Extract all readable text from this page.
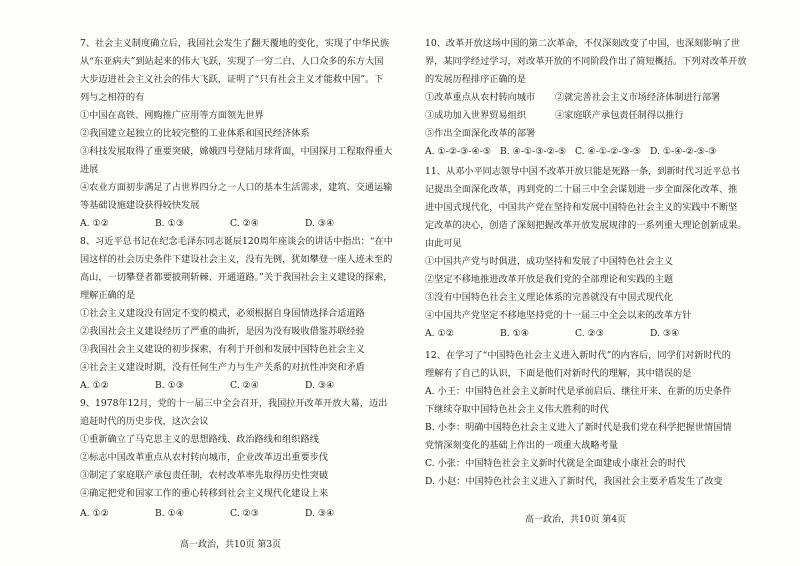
7、社会主义制度确立后，我国社会发生了翻天覆地的变化，实现了中华民族
从“东亚病夫”到站起来的伟大飞跃，实现了一穷二白、人口众多的东方大国
大步迈进社会主义社会的伟大飞跃，证明了“只有社会主义才能救中国”。下
列与之相符的有
①中国在高铁、网购推广应用等方面领先世界
②我国建立起独立的比较完整的工业体系和国民经济体系
③科技发展取得了重要突破，嫦娥四号登陆月球背面，中国探月工程取得重大
进展
④农业方面初步满足了占世界四分之一人口的基本生活需求，建筑、交通运输
等基础设施建设获得较快发展
A. ①②	B. ①③	C. ②④	D. ③④
8、习近平总书记在纪念毛泽东同志诞辰120周年座谈会的讲话中指出：“在中
国这样的社会历史条件下建设社会主义，没有先例，犹如攀登一座人迹未至的
高山，一切攀登者都要披荆斩棘、开通道路。”关于我国社会主义建设的探索，
理解正确的是
①社会主义建设没有固定不变的模式，必须根据自身国情选择合适道路
②我国社会主义建设经历了严重的曲折，是因为没有吸收借鉴苏联经验
③我国社会主义建设的初步探索，有利于开创和发展中国特色社会主义
④社会主义建设时期，没有任何生产力与生产关系的对抗性冲突和矛盾
A. ①②	B. ①③	C. ②④	D. ③④
9、1978年12月，党的十一届三中全会召开，我国拉开改革开放大幕，迈出
追赶时代的历史步伐，这次会议
①重新确立了马克思主义的思想路线、政治路线和组织路线
②标志中国改革重点从农村转向城市，企业改革迈出重要步伐
③制定了家庭联产承包责任制，农村改革率先取得历史性突破
④确定把党和国家工作的重心转移到社会主义现代化建设上来
A. ①②	B. ①④	C. ②③	D. ③④
高一政治，共10页 第3页
10、改革开放这场中国的第二次革命，不仅深刻改变了中国，也深刻影响了世
界，某同学经过学习，对改革开放的不同阶段作出了简短概括。下列对改革开放
的发展历程排序正确的是
①改革重点从农村转向城市 ②就完善社会主义市场经济体制进行部署
③成功加入世界贸易组织	④家庭联产承包责任制得以推行
⑤作出全面深化改革的部署
A. ①-②-③-④-⑤ B. ④-①-③-②-⑤ C. ④-①-②-③-⑤ D. ①-④-②-⑤-③
11、从邓小平同志领导中国不改革开放只能是死路一条，到新时代习近平总书
记提出全面深化改革，再到党的二十届三中全会谋划进一步全面深化改革、推
进中国式现代化，中国共产党在坚持和发展中国特色社会主义的实践中不断坚
定改革的决心，创造了深刻把握改革开放发展规律的一系列重大理论创新成果。
由此可见
①中国共产党与时俱进，成功坚持和发展了中国特色社会主义
②坚定不移地推进改革开放是我们党的全部理论和实践的主题
③没有中国特色社会主义理论体系的完善就没有中国式现代化
④中国共产党坚定不移地坚持党的十一届三中全会以来的改革方针
A. ①②	B. ①④	C. ②③	D. ③④
12、在学习了“中国特色社会主义进入新时代”的内容后，同学们对新时代的
理解有了自己的认识，下面是他们对新时代的理解，其中错误的是
A. 小王：中国特色社会主义新时代是承前启后、继往开来、在新的历史条件
下继续夺取中国特色社会主义伟大胜利的时代
B. 小李：明确中国特色社会主义进入了新时代是我们党在科学把握世情国情
党情深刻变化的基础上作出的一项重大战略考量
C. 小张：中国特色社会主义新时代就是全面建成小康社会的时代
D. 小赵：中国特色社会主义进入了新时代，我国社会主要矛盾发生了改变
高一政治，共10页 第4页
